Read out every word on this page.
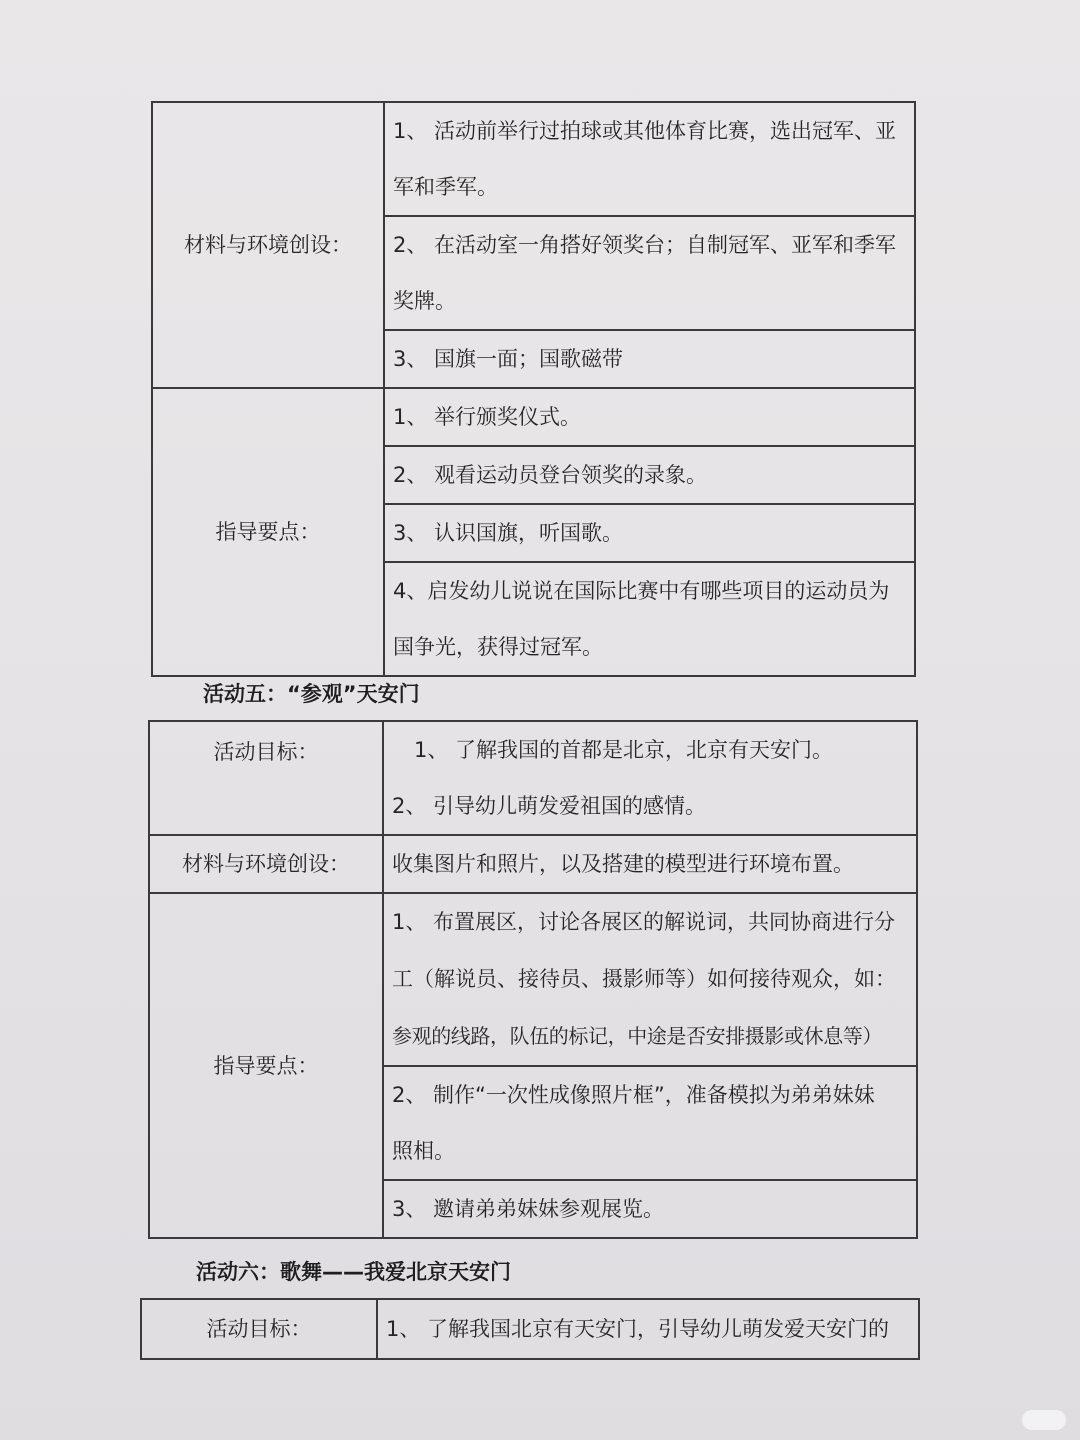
材料与环境创设：	1、 活动前举行过拍球或其他体育比赛，选出冠军、亚

军和季军。

	2、 在活动室一角搭好领奖台；自制冠军、亚军和季军

奖牌。

	3、 国旗一面；国歌磁带

指导要点：	1、 举行颁奖仪式。

	2、 观看运动员登台领奖的录象。

	3、 认识国旗，听国歌。

	4、启发幼儿说说在国际比赛中有哪些项目的运动员为

国争光，获得过冠军。

活动五：“参观”天安门
活动目标：	1、 了解我国的首都是北京，北京有天安门。

2、 引导幼儿萌发爱祖国的感情。

材料与环境创设：	收集图片和照片，以及搭建的模型进行环境布置。

指导要点：	1、 布置展区，讨论各展区的解说词，共同协商进行分

工（解说员、接待员、摄影师等）如何接待观众，如：

参观的线路，队伍的标记，中途是否安排摄影或休息等）

	2、 制作“一次性成像照片框”，准备模拟为弟弟妹妹

照相。

	3、 邀请弟弟妹妹参观展览。

活动六：歌舞——我爱北京天安门
活动目标：	1、 了解我国北京有天安门，引导幼儿萌发爱天安门的
